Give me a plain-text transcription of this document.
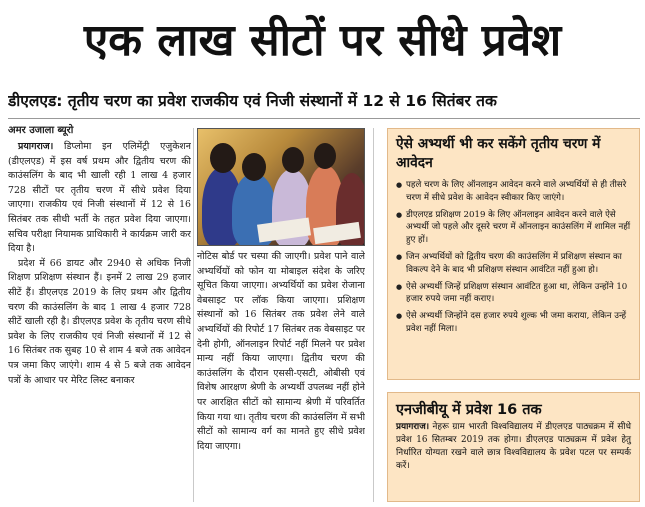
एक लाख सीटों पर सीधे प्रवेश
डीएलएड: तृतीय चरण का प्रवेश राजकीय एवं निजी संस्थानों में 12 से 16 सितंबर तक
अमर उजाला ब्यूरो

प्रयागराज। डिप्लोमा इन एलिमेंट्री एजुकेशन (डीएलएड) में इस वर्ष प्रथम और द्वितीय चरण की काउंसलिंग के बाद भी खाली रही 1 लाख 4 हजार 728 सीटों पर तृतीय चरण में सीधे प्रवेश दिया जाएगा। राजकीय एवं निजी संस्थानों में 12 से 16 सितंबर तक सीधी भर्ती के तहत प्रवेश दिया जाएगा। सचिव परीक्षा नियामक प्राधिकारी ने कार्यक्रम जारी कर दिया है।

प्रदेश में 66 डायट और 2940 से अधिक निजी शिक्षण प्रशिक्षण संस्थान हैं। इनमें 2 लाख 29 हजार सीटें हैं। डीएलएड 2019 के लिए प्रथम और द्वितीय चरण की काउंसलिंग के बाद 1 लाख 4 हजार 728 सीटें खाली रही है। डीएलएड प्रवेश के तृतीय चरण सीधे प्रवेश के लिए राजकीय एवं निजी संस्थानों में 12 से 16 सितंबर तक सुबह 10 से शाम 4 बजे तक आवेदन पत्र जमा किए जाएंगे। शाम 4 से 5 बजे तक आवेदन पत्रों के आधार पर मेरिट लिस्ट बनाकर

नोटिस बोर्ड पर चस्पा की जाएगी। प्रवेश पाने वाले अभ्यर्थियों को फोन या मोबाइल संदेश के जरिए सूचित किया जाएगा। अभ्यर्थियों का प्रवेश रोजाना वेबसाइट पर लॉक किया जाएगा। प्रशिक्षण संस्थानों को 16 सितंबर तक प्रवेश लेने वाले अभ्यर्थियों की रिपोर्ट 17 सितंबर तक वेबसाइट पर देनी होगी, ऑनलाइन रिपोर्ट नहीं मिलने पर प्रवेश मान्य नहीं किया जाएगा। द्वितीय चरण की काउंसलिंग के दौरान एससी-एसटी, ओबीसी एवं विशेष आरक्षण श्रेणी के अभ्यर्थी उपलब्ध नहीं होने पर आरक्षित सीटों को सामान्य श्रेणी में परिवर्तित किया गया था। तृतीय चरण की काउंसलिंग में सभी सीटों को सामान्य वर्ग का मानते हुए सीधे प्रवेश दिया जाएगा।

ऐसे अभ्यर्थी भी कर सकेंगे तृतीय चरण में आवेदन
● पहले चरण के लिए ऑनलाइन आवेदन करने वाले अभ्यर्थियों से ही तीसरे चरण में सीधे प्रवेश के आवेदन स्वीकार किए जाएंगे।
● डीएलएड प्रशिक्षण 2019 के लिए ऑनलाइन आवेदन करने वाले ऐसे अभ्यर्थी जो पहले और दूसरे चरण में ऑनलाइन काउंसलिंग में शामिल नहीं हुए हों।
● जिन अभ्यर्थियों को द्वितीय चरण की काउंसलिंग में प्रशिक्षण संस्थान का विकल्प देने के बाद भी प्रशिक्षण संस्थान आवंटित नहीं हुआ हो।
● ऐसे अभ्यर्थी जिन्हें प्रशिक्षण संस्थान आवंटित हुआ था, लेकिन उन्होंने 10 हजार रुपये जमा नहीं कराए।
● ऐसे अभ्यर्थी जिन्होंने दस हजार रुपये शुल्क भी जमा कराया, लेकिन उन्हें प्रवेश नहीं मिला।
एनजीबीयू में प्रवेश 16 तक
प्रयागराज। नेहरू ग्राम भारती विश्वविद्यालय में डीएलएड पाठ्यक्रम में सीधे प्रवेश 16 सितम्बर 2019 तक होगा। डीएलएड पाठ्यक्रम में प्रवेश हेतु निर्धारित योग्यता रखने वाले छात्र विश्वविद्यालय के प्रवेश पटल पर सम्पर्क करें।
